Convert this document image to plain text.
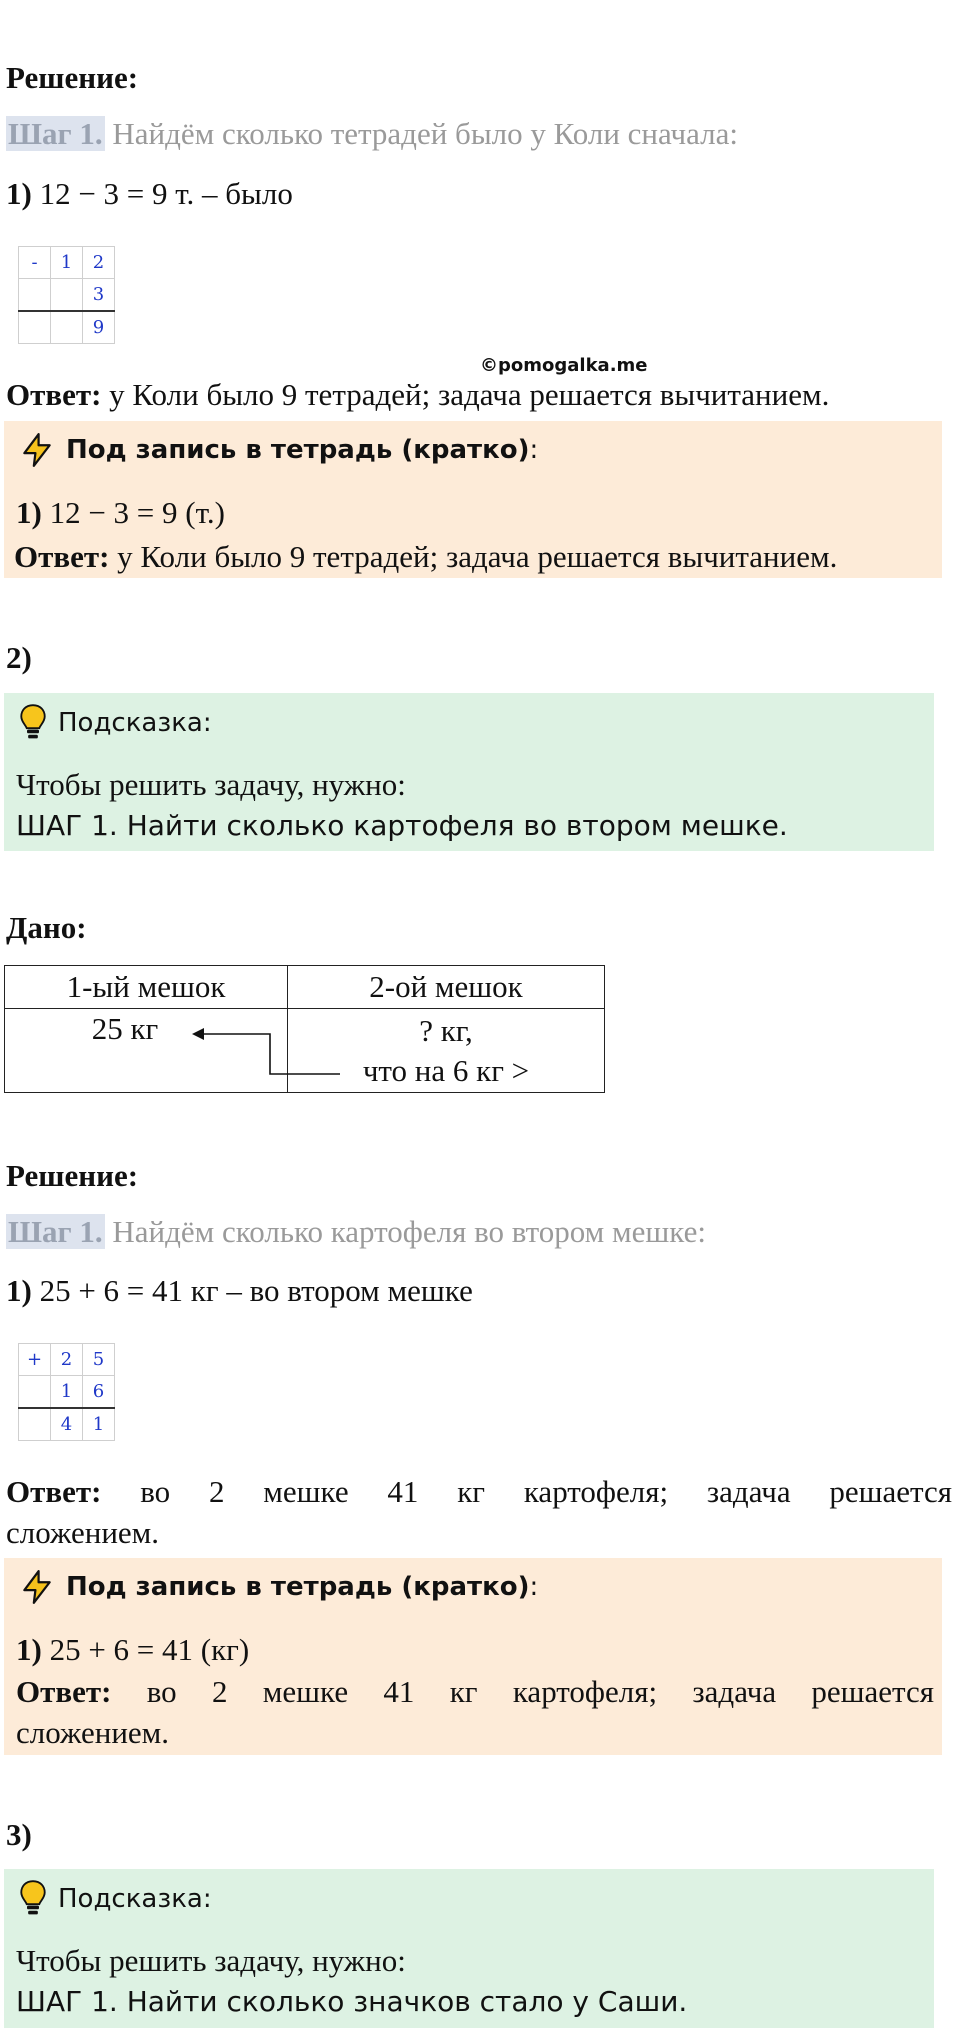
Решение:
Шаг 1. Найдём сколько тетрадей было у Коли сначала:
1) 12 − 3 = 9 т. – было
-	1	2
		3
		9
©pomogalka.me
Ответ: у Коли было 9 тетрадей; задача решается вычитанием.
Под запись в тетрадь (кратко):
1) 12 − 3 = 9 (т.)
Ответ: у Коли было 9 тетрадей; задача решается вычитанием.
2)
Подсказка:
Чтобы решить задачу, нужно:
ШАГ 1. Найти сколько картофеля во втором мешке.
Дано:
1-ый мешок	2-ой мешок
25 кг	? кг,
что на 6 кг >
Решение:
Шаг 1. Найдём сколько картофеля во втором мешке:
1) 25 + 6 = 41 кг – во втором мешке
+	2	5
	1	6
	4	1
Ответ: во 2 мешке 41 кг картофеля; задача решается
сложением.
Под запись в тетрадь (кратко):
1) 25 + 6 = 41 (кг)
Ответ: во 2 мешке 41 кг картофеля; задача решается
сложением.
3)
Подсказка:
Чтобы решить задачу, нужно:
ШАГ 1. Найти сколько значков стало у Саши.
